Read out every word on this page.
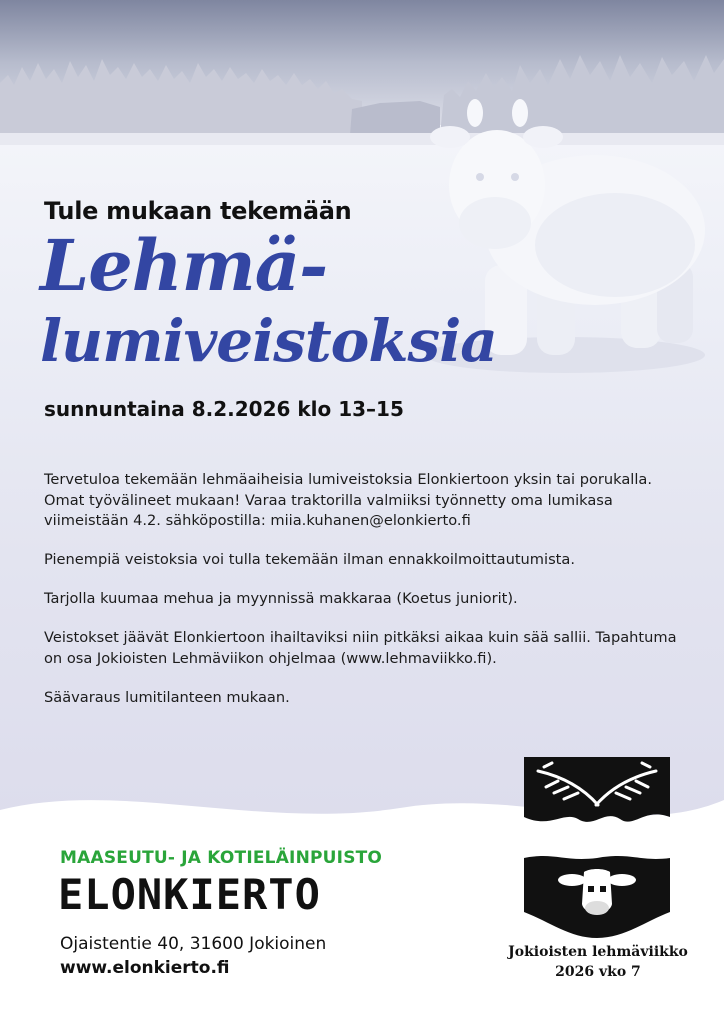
Tule mukaan tekemään
Lehmä-
lumiveistoksia
sunnuntaina 8.2.2026 klo 13–15

Tervetuloa tekemään lehmäaiheisia lumiveistoksia Elonkiertoon yksin tai porukalla. Omat työvälineet mukaan! Varaa traktorilla valmiiksi työnnetty oma lumikasa viimeistään 4.2. sähköpostilla: miia.kuhanen@elonkierto.fi

Pienempiä veistoksia voi tulla tekemään ilman ennakkoilmoittautumista.

Tarjolla kuumaa mehua ja myynnissä makkaraa (Koetus juniorit).

Veistokset jäävät Elonkiertoon ihailtaviksi niin pitkäksi aikaa kuin sää sallii. Tapahtuma on osa Jokioisten Lehmäviikon ohjelmaa (www.lehmaviikko.fi).

Säävaraus lumitilanteen mukaan.

MAASEUTU- JA KOTIELÄINPUISTO
ELONKIERTO
Ojaistentie 40, 31600 Jokioinen
www.elonkierto.fi
Jokioisten lehmäviikko
2026 vko 7
